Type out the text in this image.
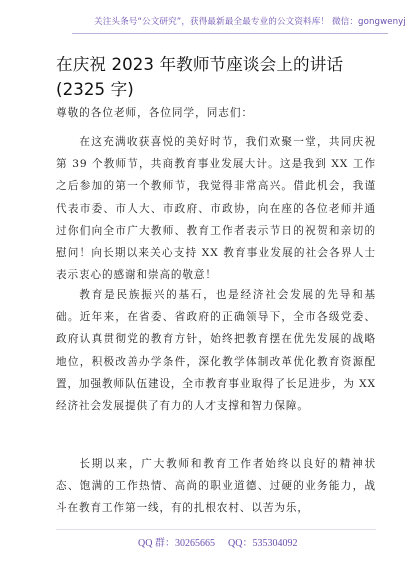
关注头条号“公文研究”，获得最新最全最专业的公文资料库！ 微信：gongwenyj
在庆祝 2023 年教师节座谈会上的讲话(2325 字)
尊敬的各位老师，各位同学，同志们：

在这充满收获喜悦的美好时节，我们欢聚一堂，共同庆祝第 39 个教师节，共商教育事业发展大计。这是我到 XX 工作之后参加的第一个教师节，我觉得非常高兴。借此机会，我谨代表市委、市人大、市政府、市政协，向在座的各位老师并通过你们向全市广大教师、教育工作者表示节日的祝贺和亲切的慰问！向长期以来关心支持 XX 教育事业发展的社会各界人士表示衷心的感谢和崇高的敬意！

教育是民族振兴的基石，也是经济社会发展的先导和基础。近年来，在省委、省政府的正确领导下，全市各级党委、政府认真贯彻党的教育方针，始终把教育摆在优先发展的战略地位，积极改善办学条件，深化教学体制改革优化教育资源配置，加强教师队伍建设，全市教育事业取得了长足进步，为 XX 经济社会发展提供了有力的人才支撑和智力保障。

长期以来，广大教师和教育工作者始终以良好的精神状态、饱满的工作热情、高尚的职业道德、过硬的业务能力，战斗在教育工作第一线，有的扎根农村、以苦为乐，

QQ 群：30265665 QQ：535304092
